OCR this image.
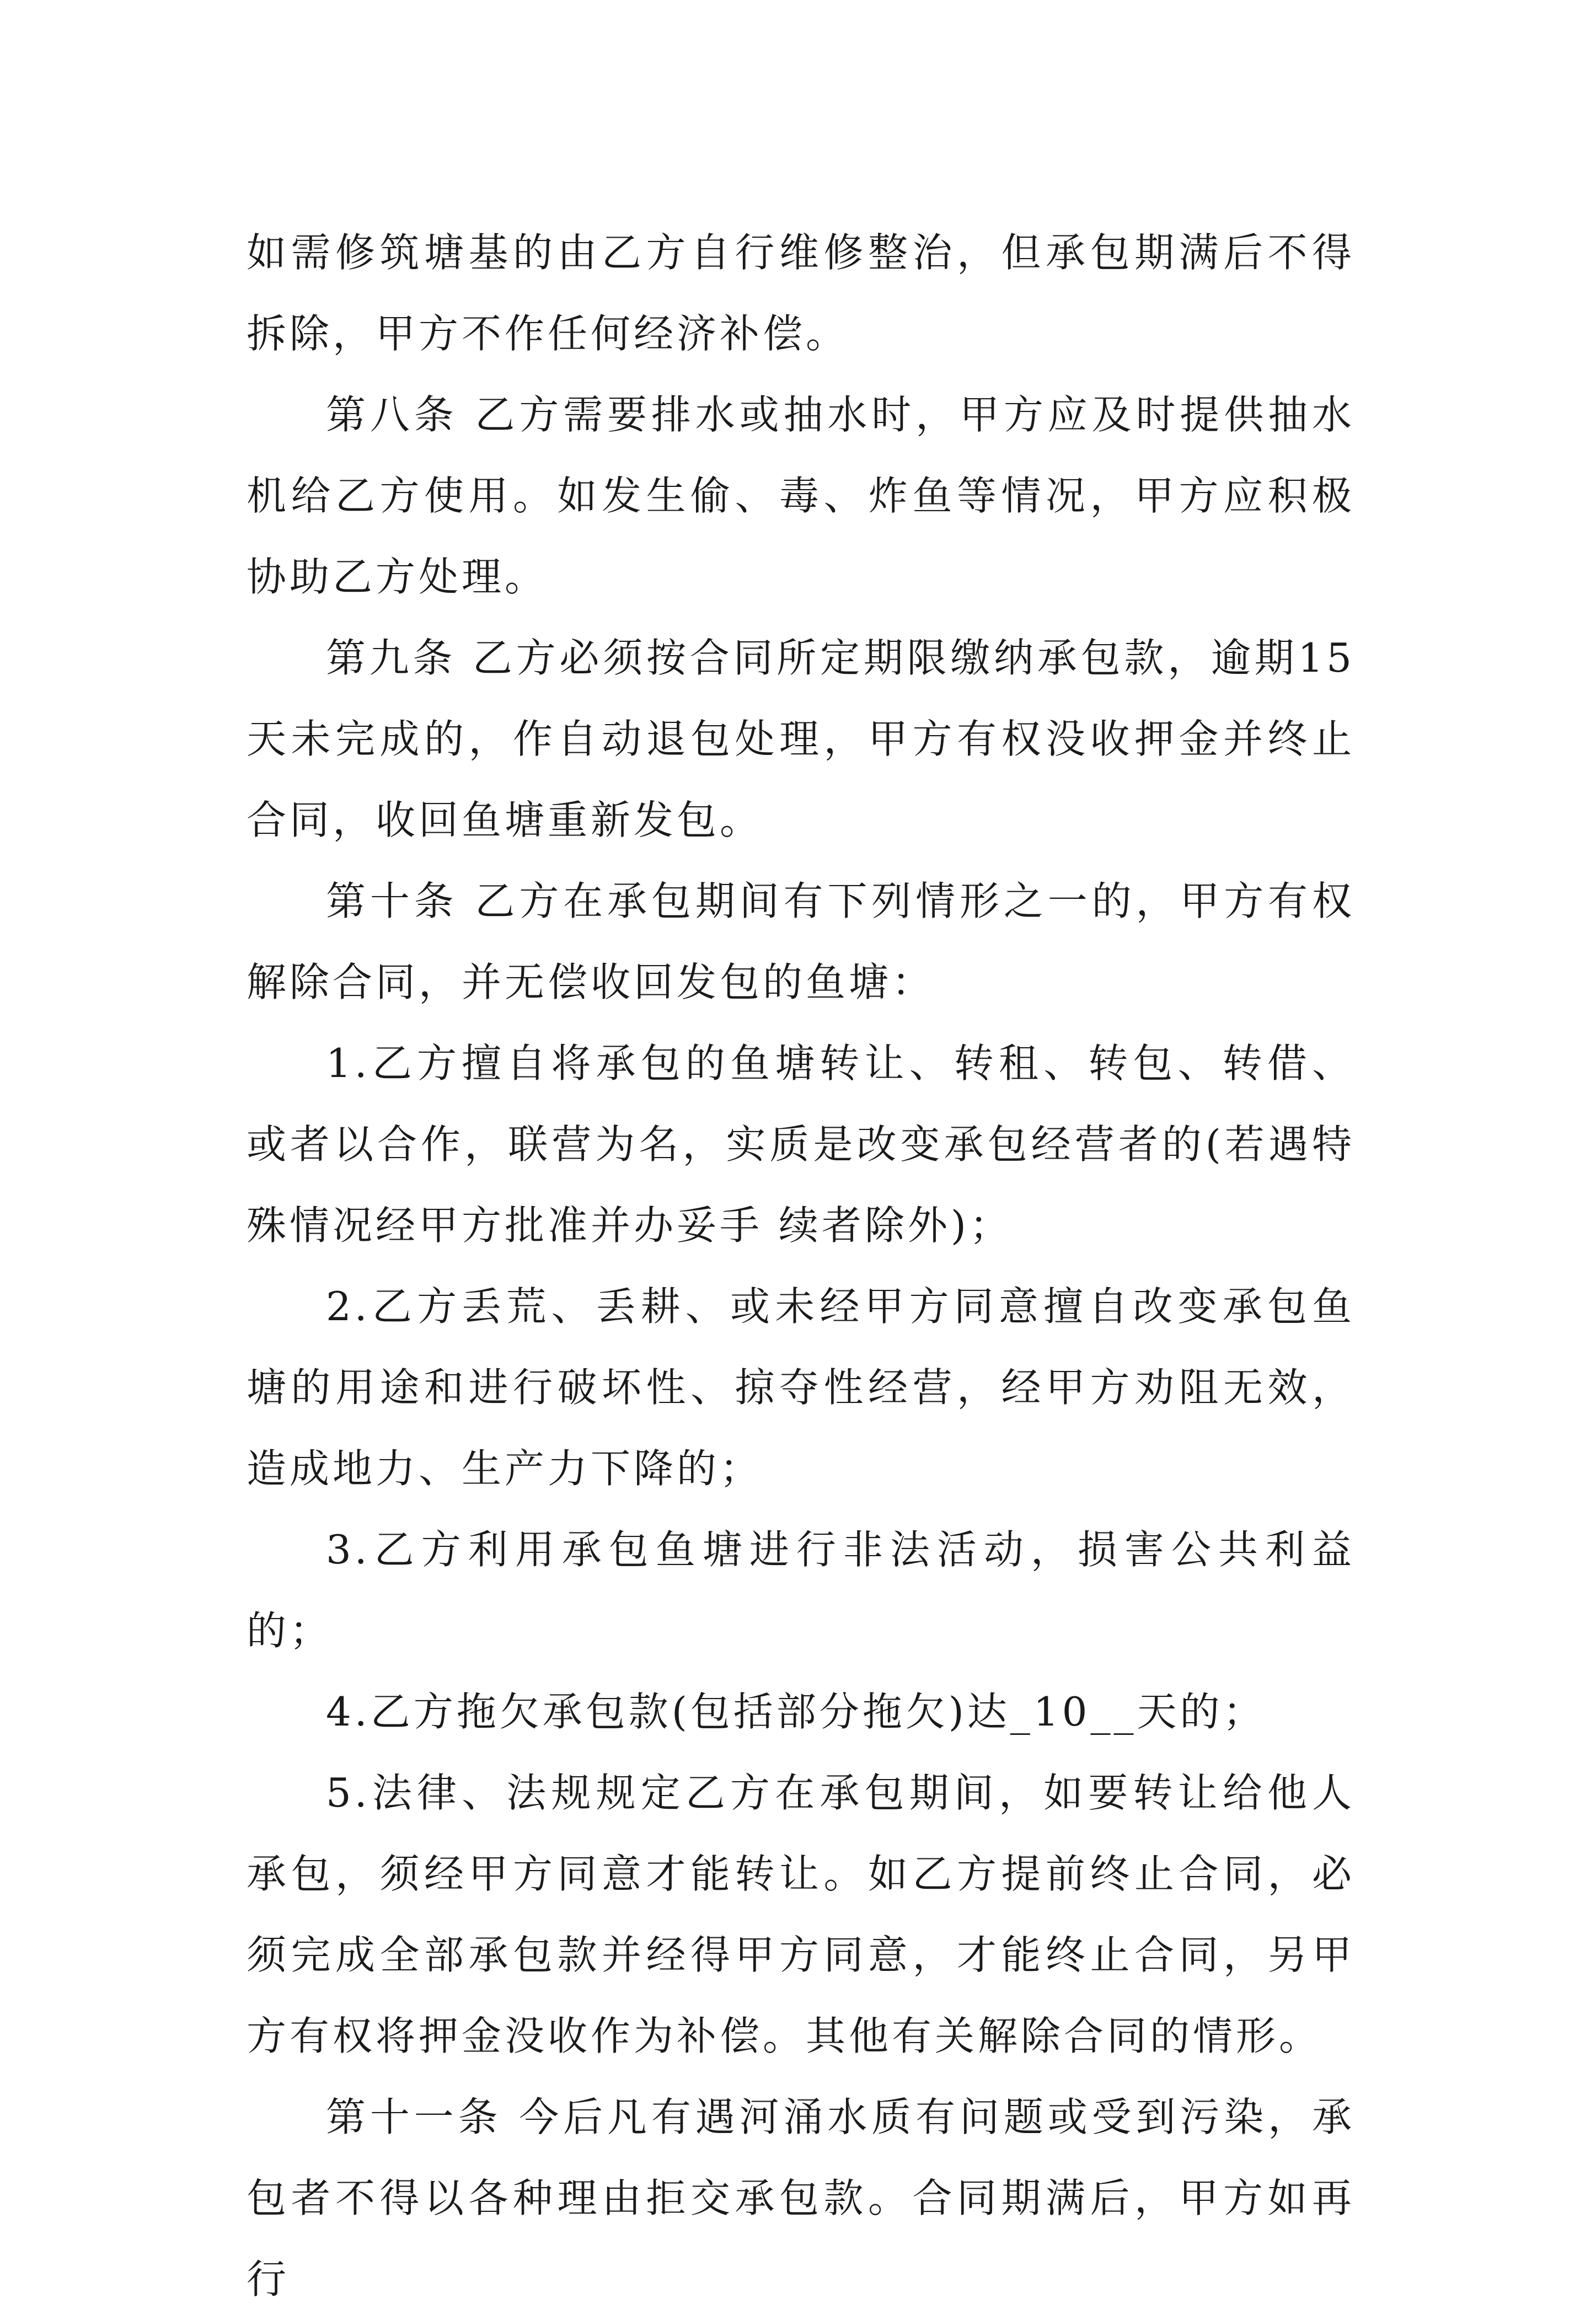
如需修筑塘基的由乙方自行维修整治，但承包期满后不得拆除，甲方不作任何经济补偿。

第八条 乙方需要排水或抽水时，甲方应及时提供抽水机给乙方使用。如发生偷、毒、炸鱼等情况，甲方应积极协助乙方处理。

第九条 乙方必须按合同所定期限缴纳承包款，逾期15天未完成的，作自动退包处理，甲方有权没收押金并终止合同，收回鱼塘重新发包。

第十条 乙方在承包期间有下列情形之一的，甲方有权解除合同，并无偿收回发包的鱼塘：

1.乙方擅自将承包的鱼塘转让、转租、转包、转借、或者以合作，联营为名，实质是改变承包经营者的(若遇特殊情况经甲方批准并办妥手 续者除外)；

2.乙方丢荒、丢耕、或未经甲方同意擅自改变承包鱼塘的用途和进行破坏性、掠夺性经营，经甲方劝阻无效，造成地力、生产力下降的；

3.乙方利用承包鱼塘进行非法活动，损害公共利益的；

4.乙方拖欠承包款(包括部分拖欠)达_10__天的；

5.法律、法规规定乙方在承包期间，如要转让给他人承包，须经甲方同意才能转让。如乙方提前终止合同，必须完成全部承包款并经得甲方同意，才能终止合同，另甲方有权将押金没收作为补偿。其他有关解除合同的情形。

第十一条 今后凡有遇河涌水质有问题或受到污染，承包者不得以各种理由拒交承包款。合同期满后，甲方如再行
